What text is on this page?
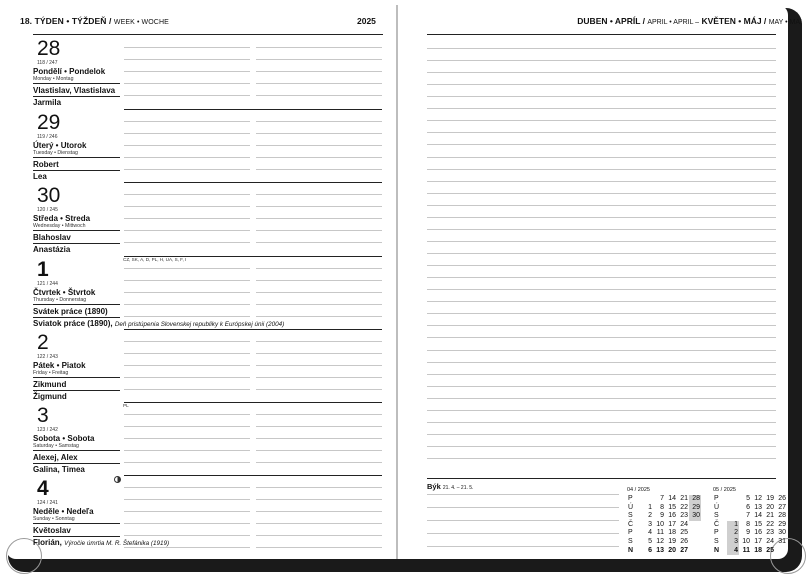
18. TÝDEN • TÝŽDEŇ / WEEK • WOCHE	2025	DUBEN • APRÍL / APRIL • APRIL – KVĚTEN • MÁJ / MAY • MAI
28
118 / 247
Pondělí • Pondelok
Monday • Montag
Vlastislav, Vlastislava
Jarmila
29
119 / 246
Úterý • Utorok
Tuesday • Dienstag
Robert
Lea
30
120 / 245
Středa • Streda
Wednesday • Mittwoch
Blahoslav
Anastázia
1
121 / 244
Čtvrtek • Štvrtok
Thursday • Donnerstag
Svátek práce (1890)
Sviatok práce (1890), Deň pristúpenia Slovenskej republiky k Európskej únii (2004)
2
122 / 243
Pátek • Piatok
Friday • Freitag
Zikmund
Žigmund
3
123 / 242
Sobota • Sobota
Saturday • Samstag
Alexej, Alex
Galina, Timea
4
124 / 241
Neděle • Nedeľa
Sunday • Sonntag
Květoslav
Florián, Výročie úmrtia M. R. Štefánika (1919)
CZ, SK, A, D, PL, H, UA, S, F, I
PL
Býk 21. 4. – 21. 5.	04 / 2025
P		7	14	21	28
Ú	1	8	15	22	29
S	2	9	16	23	30
Č	3	10	17	24	
P	4	11	18	25	
S	5	12	19	26	
N	6	13	20	27	
05 / 2025
P		5	12	19	26
Ú		6	13	20	27
S		7	14	21	28
Č	1	8	15	22	29
P	2	9	16	23	30
S	3	10	17	24	31
N	4	11	18	25	
